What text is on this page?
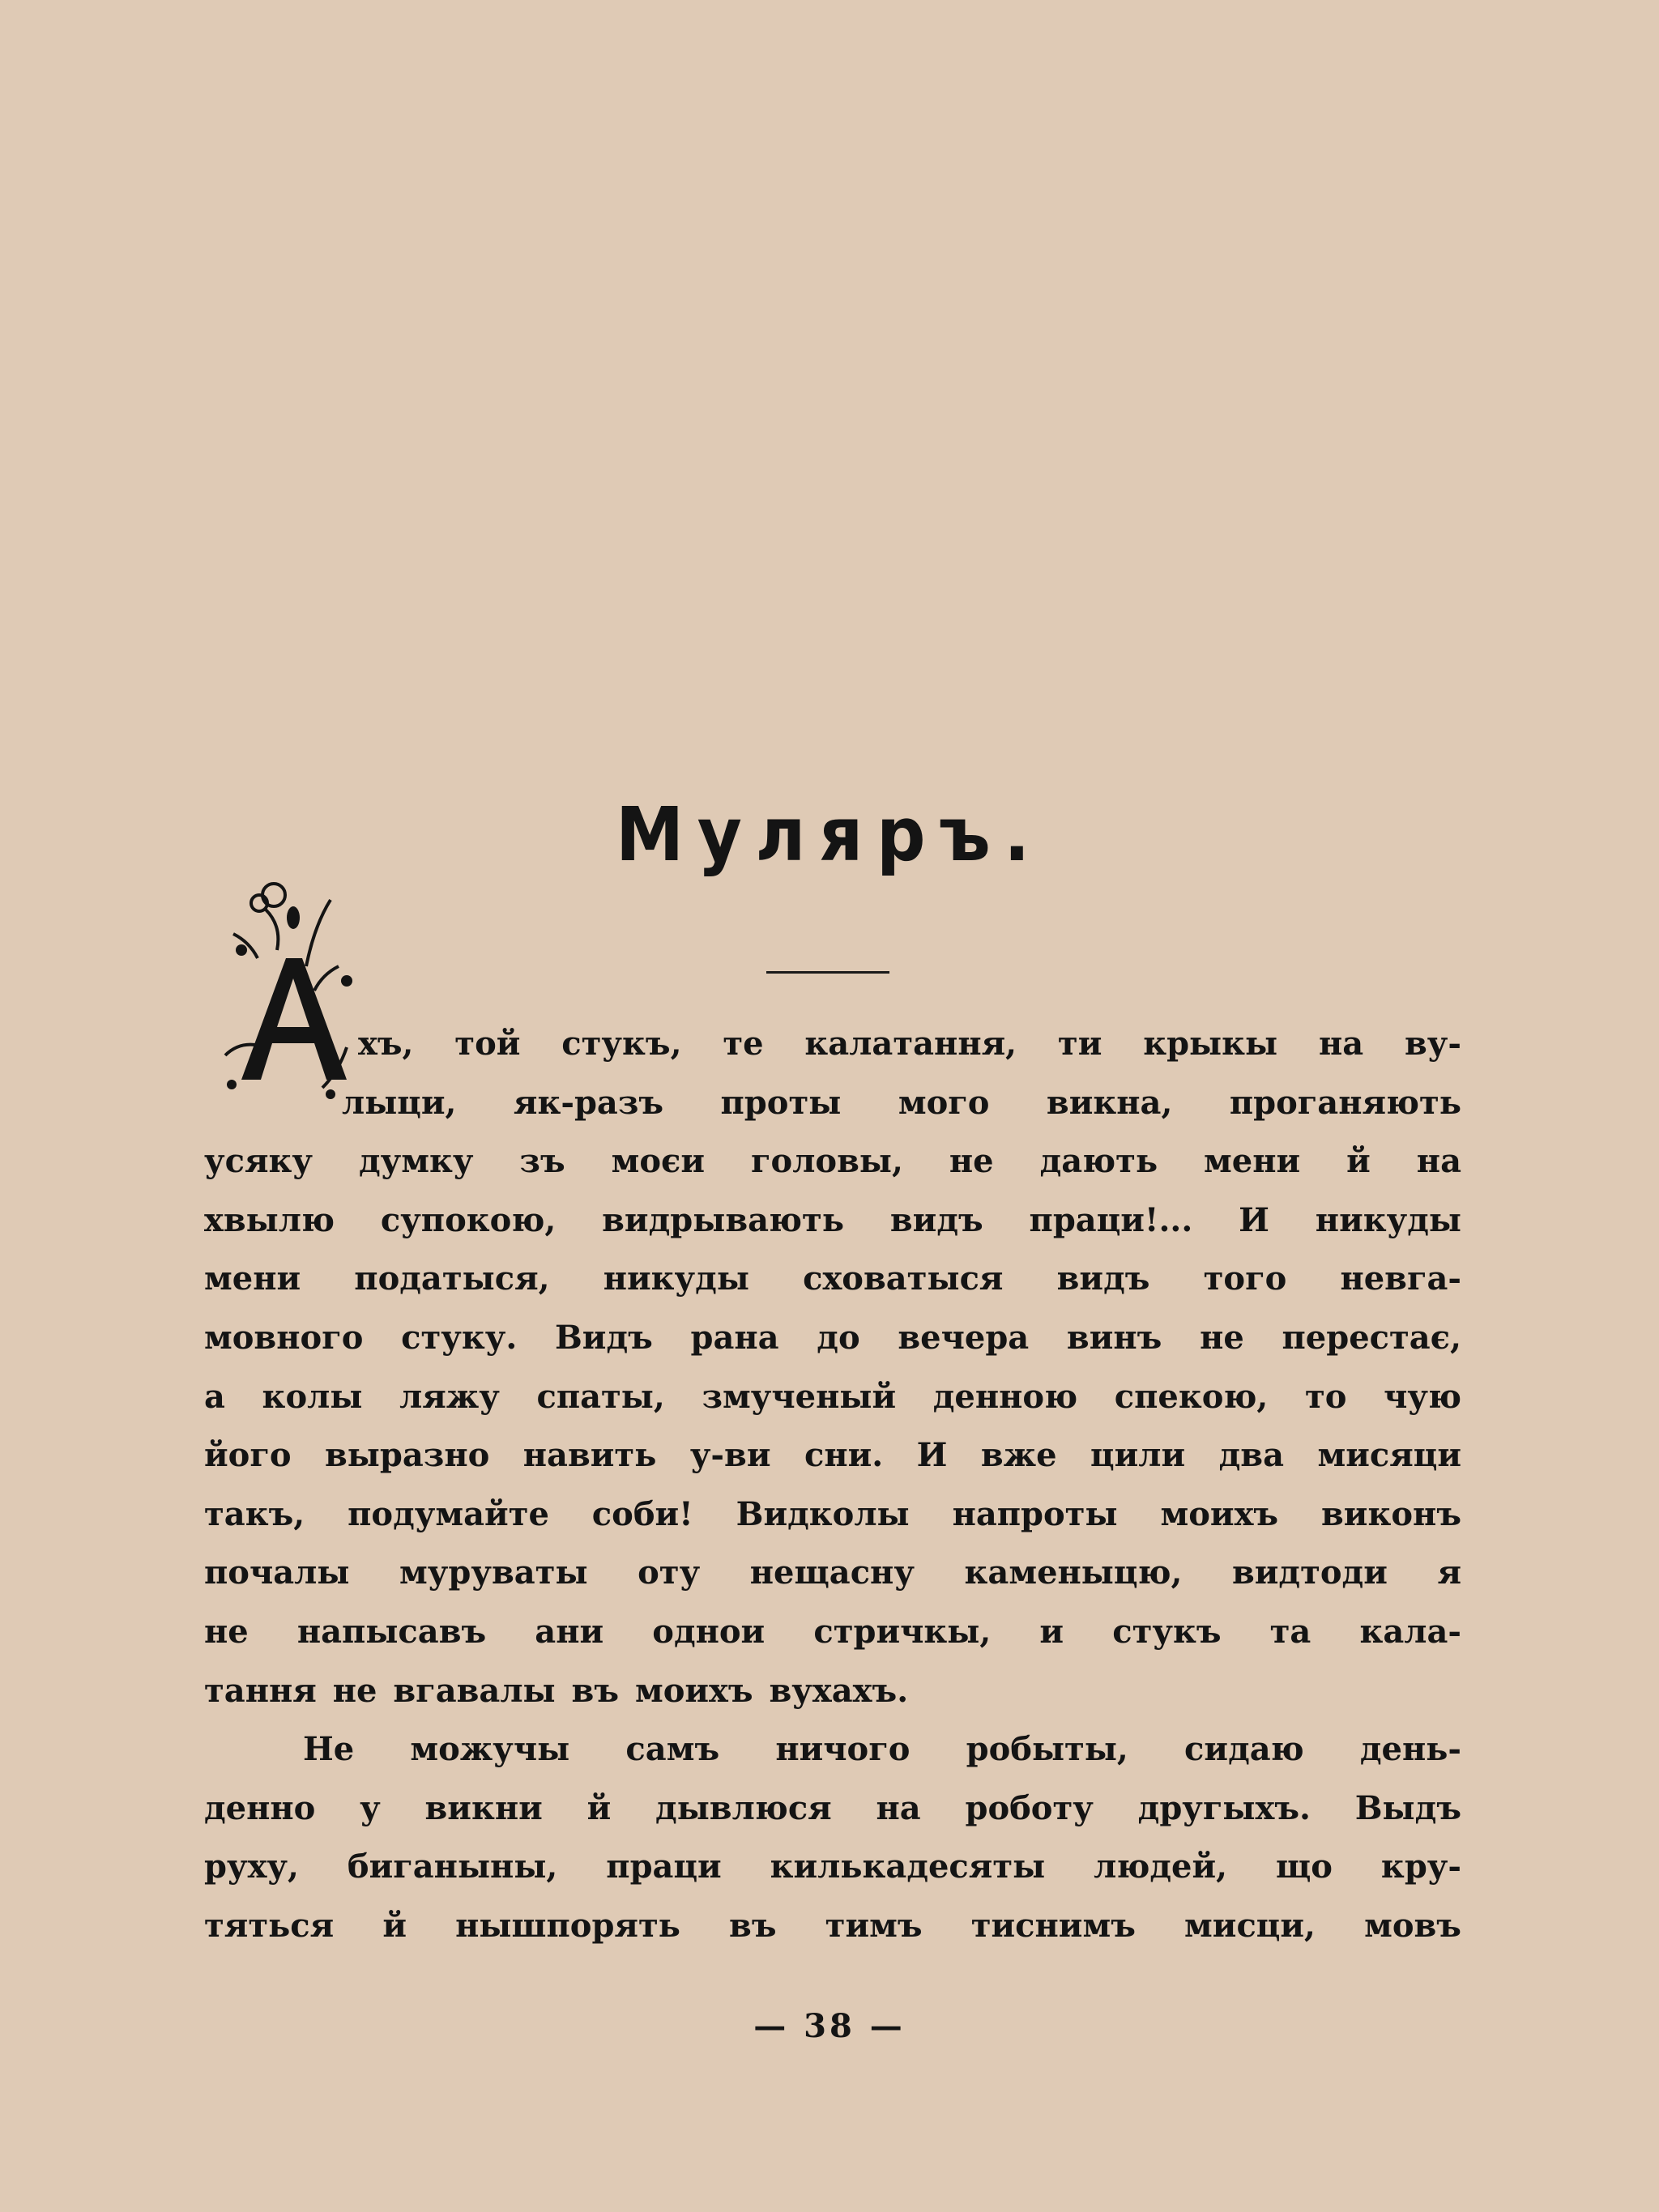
Муляръ.
А
хъ, той стукъ, те калатання, ти крыкы на ву-
лыци, як-разъ проты мого викна, проганяють
усяку думку зъ моєи головы, не дають мени й на
хвылю супокою, видрывають видъ праци!... И никуды
мени податыся, никуды сховатыся видъ того невга-
мовного стуку. Видъ рана до вечера винъ не перестає,
а колы ляжу спаты, змученый денною спекою, то чую
його выразно навить у-ви сни. И вже цили два мисяци
такъ, подумайте соби! Видколы напроты моихъ виконъ
почалы муруваты оту нещасну каменыцю, видтоди я
не напысавъ ани однои стричкы, и стукъ та кала-
тання не вгавалы въ моихъ вухахъ.
Не можучы самъ ничого робыты, сидаю день-
денно у викни й дывлюся на роботу другыхъ. Выдъ
руху, биганыны, праци килькадесяты людей, що кру-
тяться й нышпорять въ тимъ тиснимъ мисци, мовъ
— 38 —
